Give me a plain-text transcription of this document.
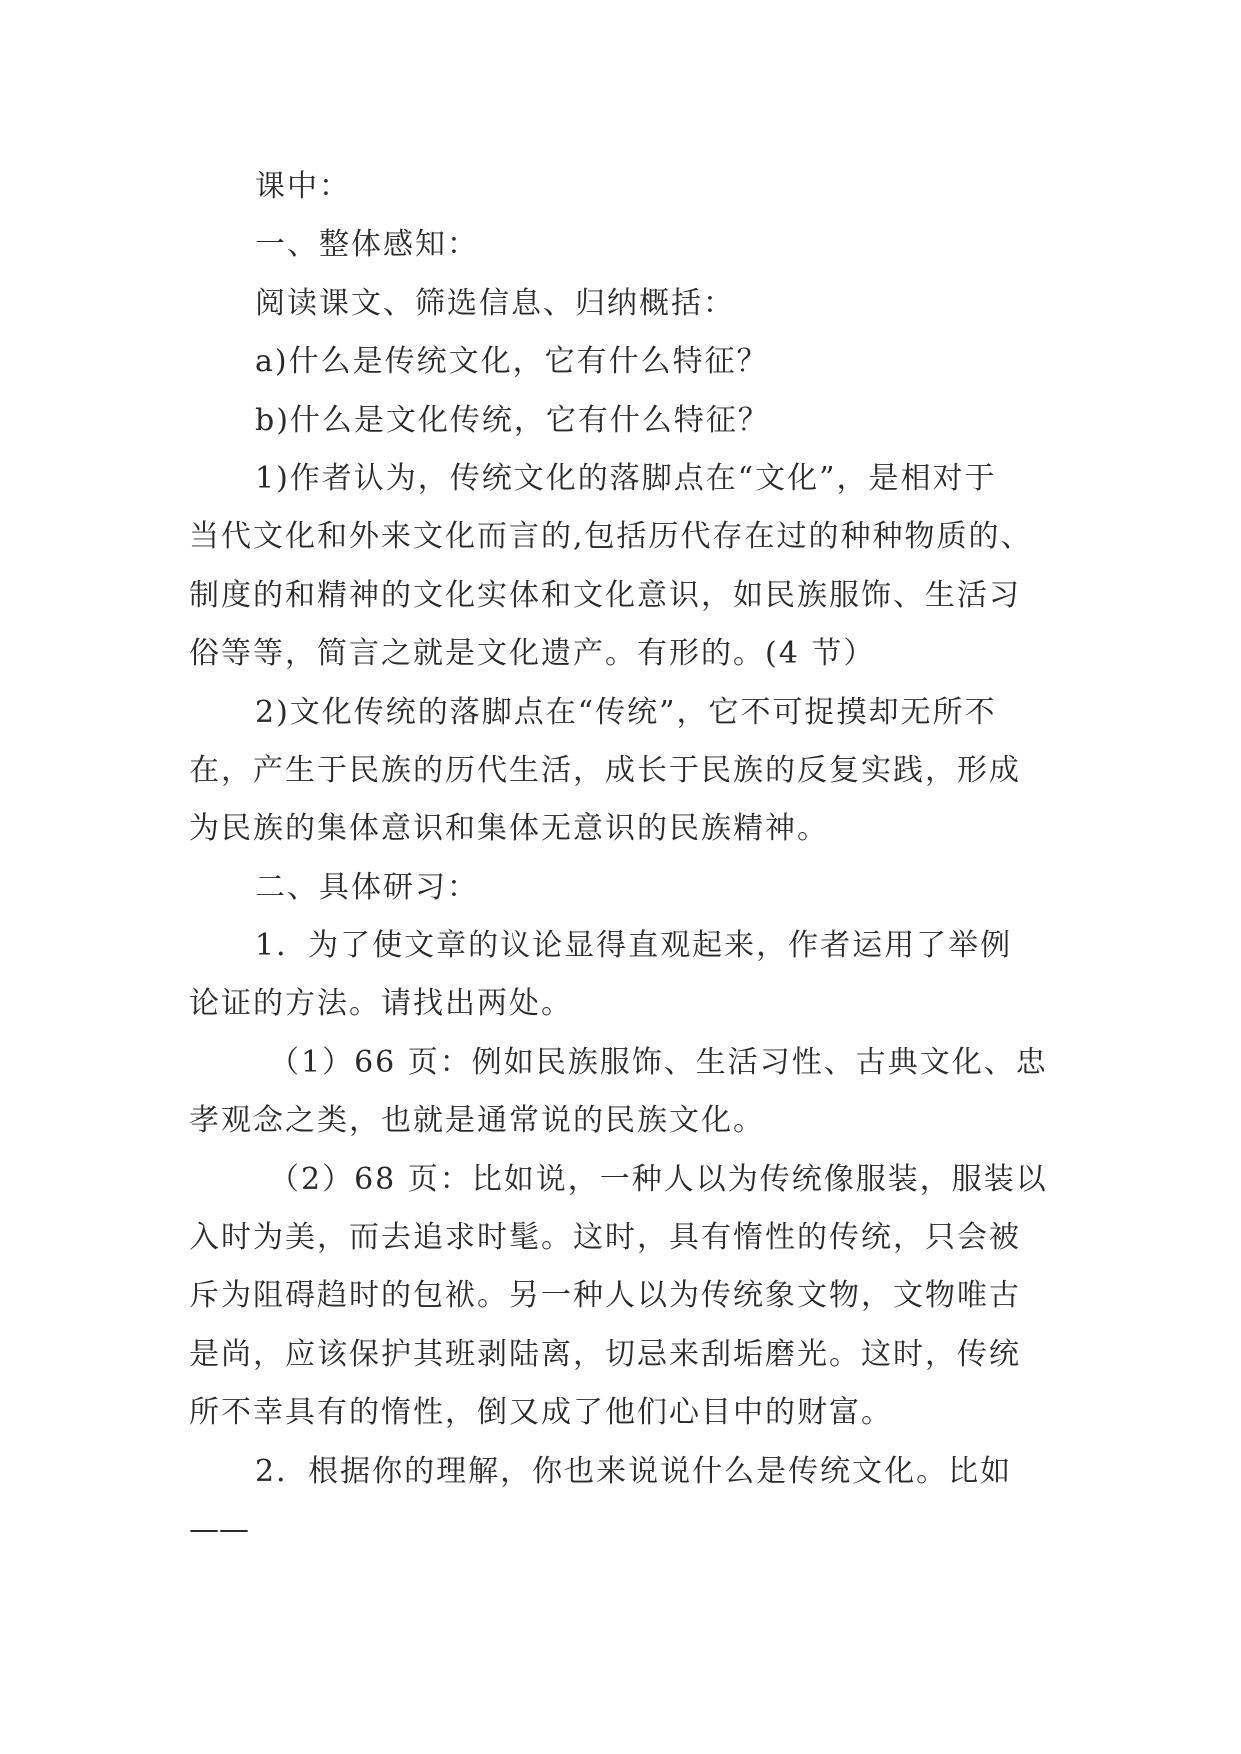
课中：
一、整体感知：
阅读课文、筛选信息、归纳概括：
a)什么是传统文化，它有什么特征？
b)什么是文化传统，它有什么特征？
1)作者认为，传统文化的落脚点在“文化”，是相对于
当代文化和外来文化而言的,包括历代存在过的种种物质的、
制度的和精神的文化实体和文化意识，如民族服饰、生活习
俗等等，简言之就是文化遗产。有形的。(4 节）
2)文化传统的落脚点在“传统”，它不可捉摸却无所不
在，产生于民族的历代生活，成长于民族的反复实践，形成
为民族的集体意识和集体无意识的民族精神。
二、具体研习：
1．为了使文章的议论显得直观起来，作者运用了举例
论证的方法。请找出两处。
（1）66 页：例如民族服饰、生活习性、古典文化、忠
孝观念之类，也就是通常说的民族文化。
（2）68 页：比如说，一种人以为传统像服装，服装以
入时为美，而去追求时髦。这时，具有惰性的传统，只会被
斥为阻碍趋时的包袱。另一种人以为传统象文物，文物唯古
是尚，应该保护其班剥陆离，切忌来刮垢磨光。这时，传统
所不幸具有的惰性，倒又成了他们心目中的财富。
2．根据你的理解，你也来说说什么是传统文化。比如
——
